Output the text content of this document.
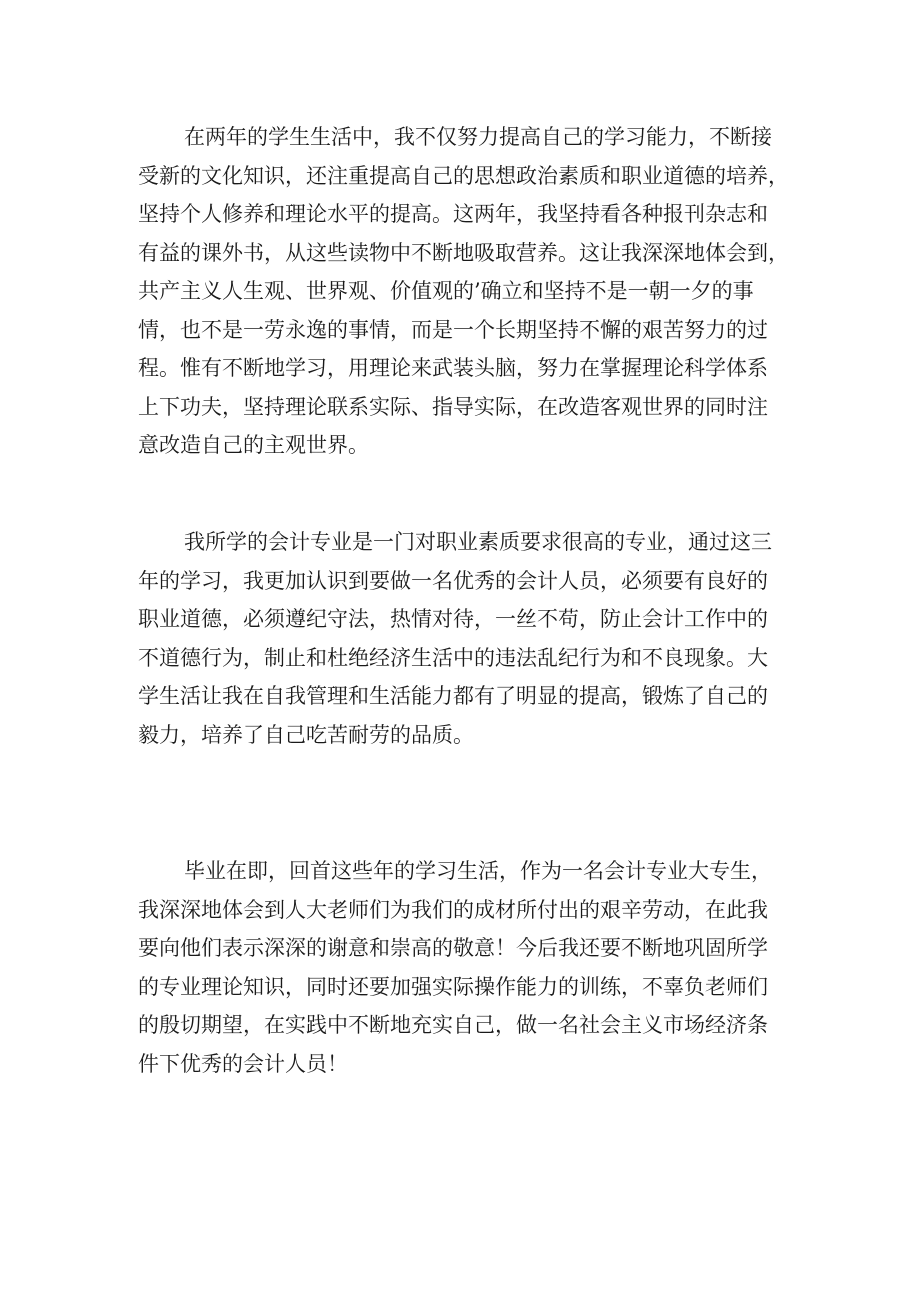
在两年的学生生活中，我不仅努力提高自己的学习能力，不断接
受新的文化知识，还注重提高自己的思想政治素质和职业道德的培养，
坚持个人修养和理论水平的提高。这两年，我坚持看各种报刊杂志和
有益的课外书，从这些读物中不断地吸取营养。这让我深深地体会到，
共产主义人生观、世界观、价值观的’确立和坚持不是一朝一夕的事
情，也不是一劳永逸的事情，而是一个长期坚持不懈的艰苦努力的过
程。惟有不断地学习，用理论来武装头脑，努力在掌握理论科学体系
上下功夫，坚持理论联系实际、指导实际，在改造客观世界的同时注
意改造自己的主观世界。
我所学的会计专业是一门对职业素质要求很高的专业，通过这三
年的学习，我更加认识到要做一名优秀的会计人员，必须要有良好的
职业道德，必须遵纪守法，热情对待，一丝不苟，防止会计工作中的
不道德行为，制止和杜绝经济生活中的违法乱纪行为和不良现象。大
学生活让我在自我管理和生活能力都有了明显的提高，锻炼了自己的
毅力，培养了自己吃苦耐劳的品质。
毕业在即，回首这些年的学习生活，作为一名会计专业大专生，
我深深地体会到人大老师们为我们的成材所付出的艰辛劳动，在此我
要向他们表示深深的谢意和崇高的敬意！今后我还要不断地巩固所学
的专业理论知识，同时还要加强实际操作能力的训练，不辜负老师们
的殷切期望，在实践中不断地充实自己，做一名社会主义市场经济条
件下优秀的会计人员！
